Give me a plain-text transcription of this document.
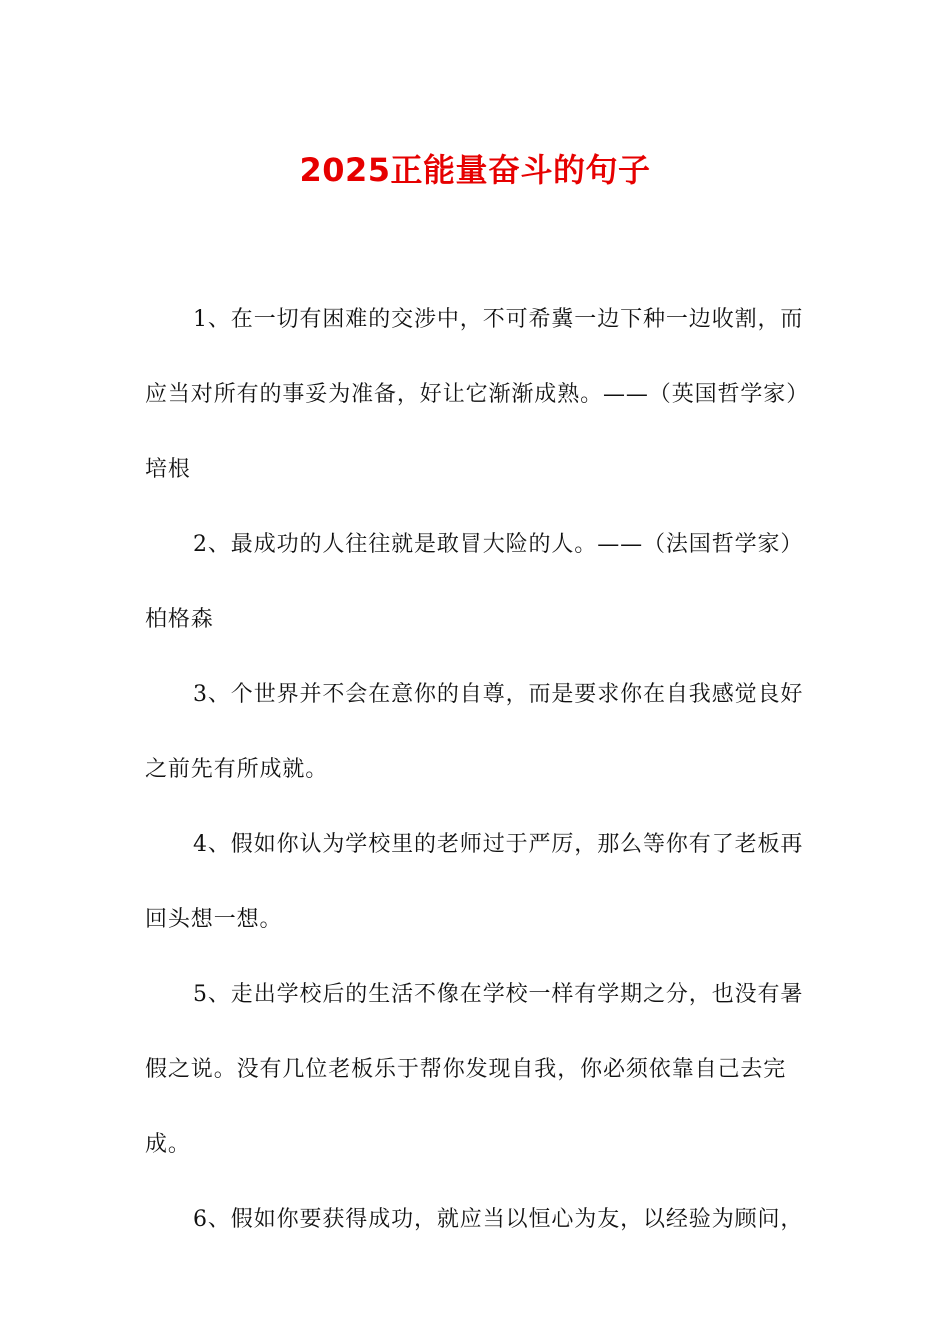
2025正能量奋斗的句子

1、在一切有困难的交涉中，不可希冀一边下种一边收割，而应当对所有的事妥为准备，好让它渐渐成熟。——（英国哲学家）培根

2、最成功的人往往就是敢冒大险的人。——（法国哲学家）柏格森

3、个世界并不会在意你的自尊，而是要求你在自我感觉良好之前先有所成就。

4、假如你认为学校里的老师过于严厉，那么等你有了老板再回头想一想。

5、走出学校后的生活不像在学校一样有学期之分，也没有暑假之说。没有几位老板乐于帮你发现自我，你必须依靠自己去完成。

6、假如你要获得成功，就应当以恒心为友，以经验为顾问，
